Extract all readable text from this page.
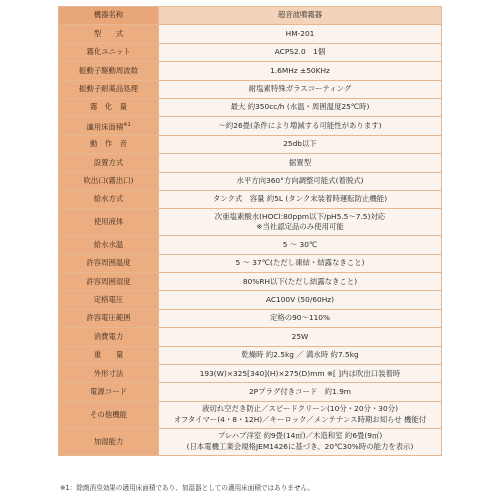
機器名称	超音波噴霧器
型　　式	HM-201

霧化ユニット	ACPS2.0　1個

振動子駆動周波数	1.6MHz ±50KHz

振動子耐薬品処理	耐塩素特殊ガラスコーティング

霧　化　量	最大 約350cc/h (水温・周囲温度25℃時)

適用床面積$^{※1}$	〜約26畳(条件により増減する可能性があります)

動　作　音	25db以下

設置方式	据置型

吹出口(霧出口)	水平方向360°方向調整可能式(着脱式)

給水方式	タンク式　容量 約5L (タンク未装着時運転防止機能)

使用液体	次亜塩素酸水(HOCl:80ppm以下/pH5.5〜7.5)対応
※当社認定品のみ使用可能

給水水温	5 〜 30℃

許容周囲温度	5 〜 37℃(ただし凍結・結露なきこと)

許容周囲湿度	80%RH以下(ただし結露なきこと)

定格電圧	AC100V (50/60Hz)

許容電圧範囲	定格の90〜110%

消費電力	25W

重　　量	乾燥時 約2.5kg ／ 満水時 約7.5kg

外形寸法	193(W)×325[340](H)×275(D)mm ※[ ]内は吹出口装着時

電源コード	2Pプラグ付きコード　約1.9m

その他機能	液切れ空だき防止／スピードクリーン(10分・20分・30分)
オフタイマー(4・8・12H)／キーロック／メンテナンス時期お知らせ 機能付

加湿能力	プレハブ洋室 約9畳(14㎡)／木造和室 約6畳(9㎡)
(日本電機工業会規格JEM1426に基づき、20℃30%時の能力を表示)
※1：除菌消臭効果の適用床面積であり、加湿器としての適用床面積ではありません。
